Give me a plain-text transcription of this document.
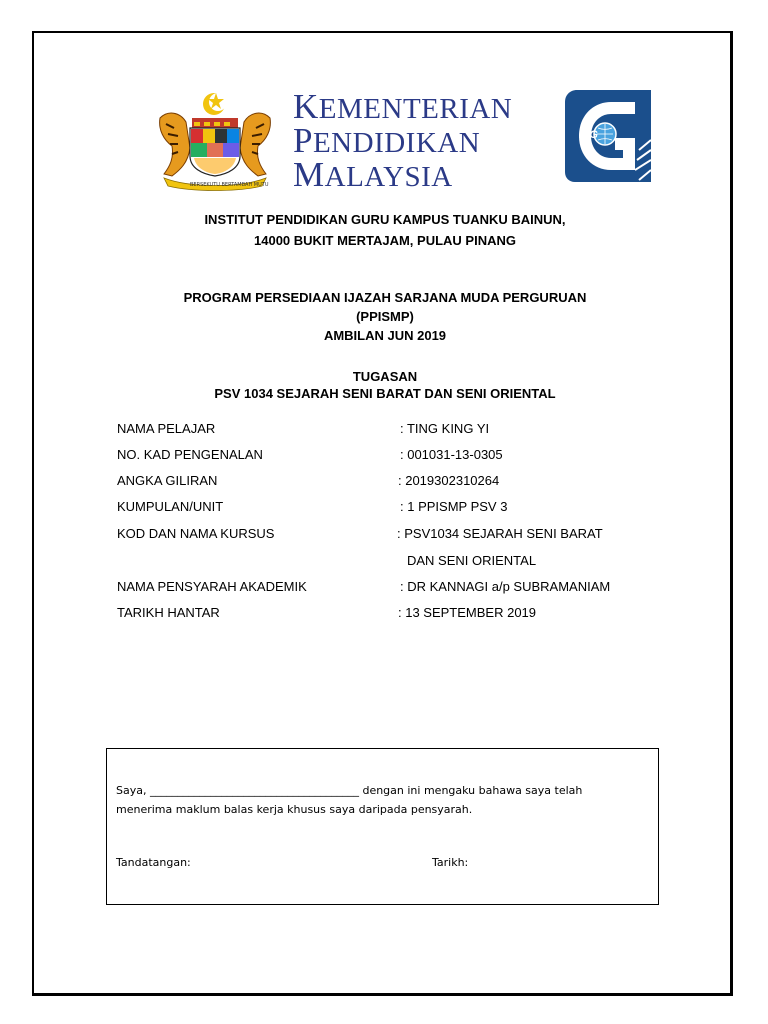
BERSEKUTU BERTAMBAH MUTU
KEMENTERIAN
PENDIDIKAN
MALAYSIA
iPG
INSTITUT PENDIDIKAN GURU KAMPUS TUANKU BAINUN,
14000 BUKIT MERTAJAM, PULAU PINANG
PROGRAM PERSEDIAAN IJAZAH SARJANA MUDA PERGURUAN
(PPISMP)
AMBILAN JUN 2019
TUGASAN
PSV 1034 SEJARAH SENI BARAT DAN SENI ORIENTAL
NAMA PELAJAR	: TING KING YI
NO. KAD PENGENALAN	: 001031-13-0305
ANGKA GILIRAN	: 2019302310264
KUMPULAN/UNIT	: 1 PPISMP PSV 3
KOD DAN NAMA KURSUS	: PSV1034 SEJARAH SENI BARAT
DAN SENI ORIENTAL
NAMA PENSYARAH AKADEMIK	: DR KANNAGI a/p SUBRAMANIAM
TARIKH HANTAR	: 13 SEPTEMBER 2019
Saya, ______________________________________ dengan ini mengaku bahawa saya telah
menerima maklum balas kerja khusus saya daripada pensyarah.
Tandatangan:	Tarikh:
